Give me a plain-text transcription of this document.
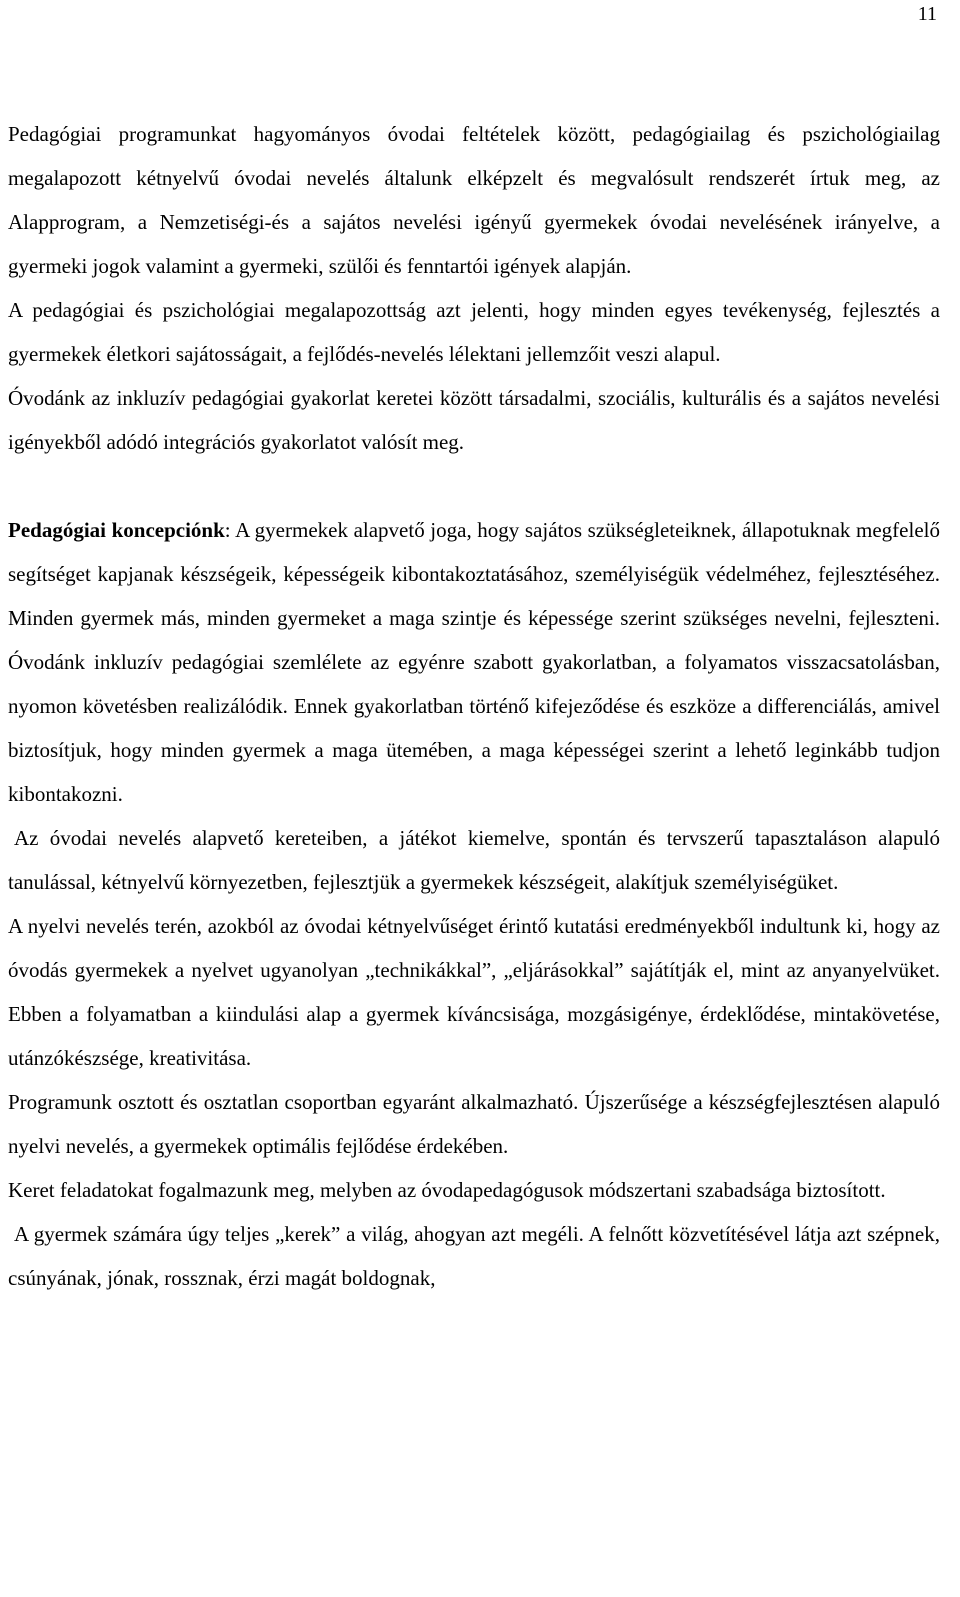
11

Pedagógiai programunkat hagyományos óvodai feltételek között, pedagógiailag és pszichológiailag megalapozott kétnyelvű óvodai nevelés általunk elképzelt és megvalósult rendszerét írtuk meg, az Alapprogram, a Nemzetiségi-és a sajátos nevelési igényű gyermekek óvodai nevelésének irányelve, a gyermeki jogok valamint a gyermeki, szülői és fenntartói igények alapján.

A pedagógiai és pszichológiai megalapozottság azt jelenti, hogy minden egyes tevékenység, fejlesztés a gyermekek életkori sajátosságait, a fejlődés-nevelés lélektani jellemzőit veszi alapul.

Óvodánk az inkluzív pedagógiai gyakorlat keretei között társadalmi, szociális, kulturális és a sajátos nevelési igényekből adódó integrációs gyakorlatot valósít meg.

Pedagógiai koncepciónk: A gyermekek alapvető joga, hogy sajátos szükségleteiknek, állapotuknak megfelelő segítséget kapjanak készségeik, képességeik kibontakoztatásához, személyiségük védelméhez, fejlesztéséhez. Minden gyermek más, minden gyermeket a maga szintje és képessége szerint szükséges nevelni, fejleszteni. Óvodánk inkluzív pedagógiai szemlélete az egyénre szabott gyakorlatban, a folyamatos visszacsatolásban, nyomon követésben realizálódik. Ennek gyakorlatban történő kifejeződése és eszköze a differenciálás, amivel biztosítjuk, hogy minden gyermek a maga ütemében, a maga képességei szerint a lehető leginkább tudjon kibontakozni.

Az óvodai nevelés alapvető kereteiben, a játékot kiemelve, spontán és tervszerű tapasztaláson alapuló tanulással, kétnyelvű környezetben, fejlesztjük a gyermekek készségeit, alakítjuk személyiségüket.

A nyelvi nevelés terén, azokból az óvodai kétnyelvűséget érintő kutatási eredményekből indultunk ki, hogy az óvodás gyermekek a nyelvet ugyanolyan „technikákkal”, „eljárásokkal” sajátítják el, mint az anyanyelvüket. Ebben a folyamatban a kiindulási alap a gyermek kíváncsisága, mozgásigénye, érdeklődése, mintakövetése, utánzókészsége, kreativitása.

Programunk osztott és osztatlan csoportban egyaránt alkalmazható. Újszerűsége a készségfejlesztésen alapuló nyelvi nevelés, a gyermekek optimális fejlődése érdekében.

Keret feladatokat fogalmazunk meg, melyben az óvodapedagógusok módszertani szabadsága biztosított.

A gyermek számára úgy teljes „kerek” a világ, ahogyan azt megéli. A felnőtt közvetítésével látja azt szépnek, csúnyának, jónak, rossznak, érzi magát boldognak,
